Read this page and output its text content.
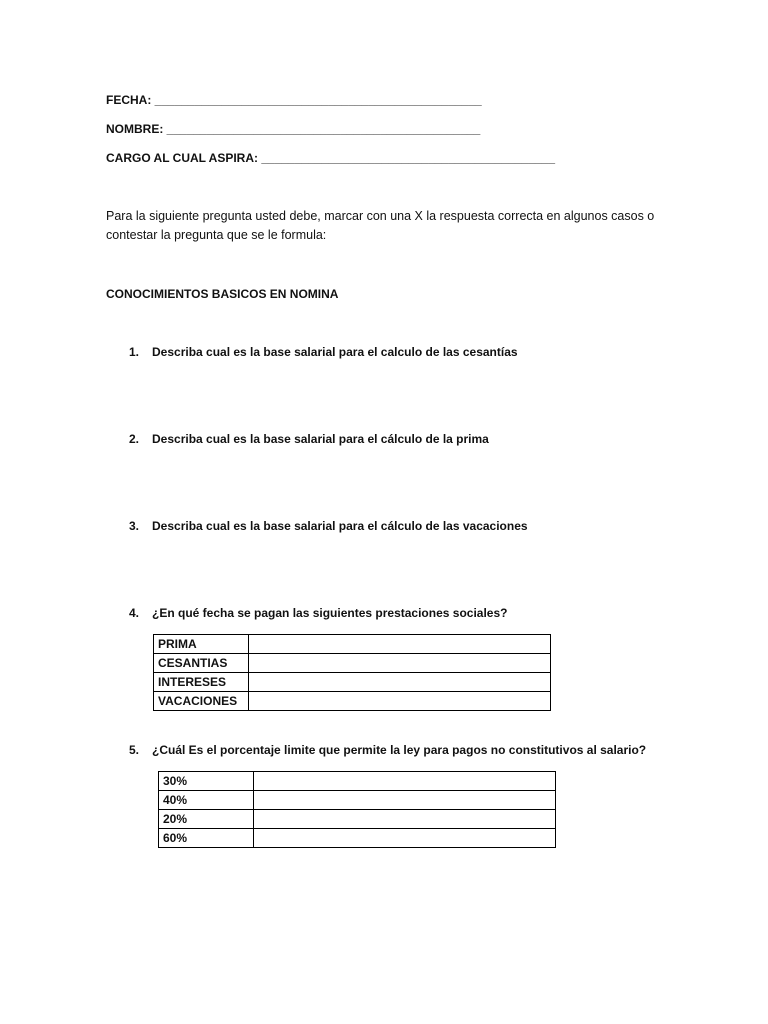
FECHA: _________________________________________________
NOMBRE: _______________________________________________
CARGO AL CUAL ASPIRA: ____________________________________________
Para la siguiente pregunta usted debe, marcar con una X la respuesta correcta en algunos casos o contestar la pregunta que se le formula:
CONOCIMIENTOS BASICOS EN NOMINA
1. Describa cual es la base salarial para el calculo de las cesantías
2. Describa cual es la base salarial para el cálculo de la prima
3. Describa cual es la base salarial para el cálculo de las vacaciones
4. ¿En qué fecha se pagan las siguientes prestaciones sociales?
PRIMA	
CESANTIAS	
INTERESES	
VACACIONES	
5. ¿Cuál Es el porcentaje limite que permite la ley para pagos no constitutivos al salario?
30%	
40%	
20%	
60%	
